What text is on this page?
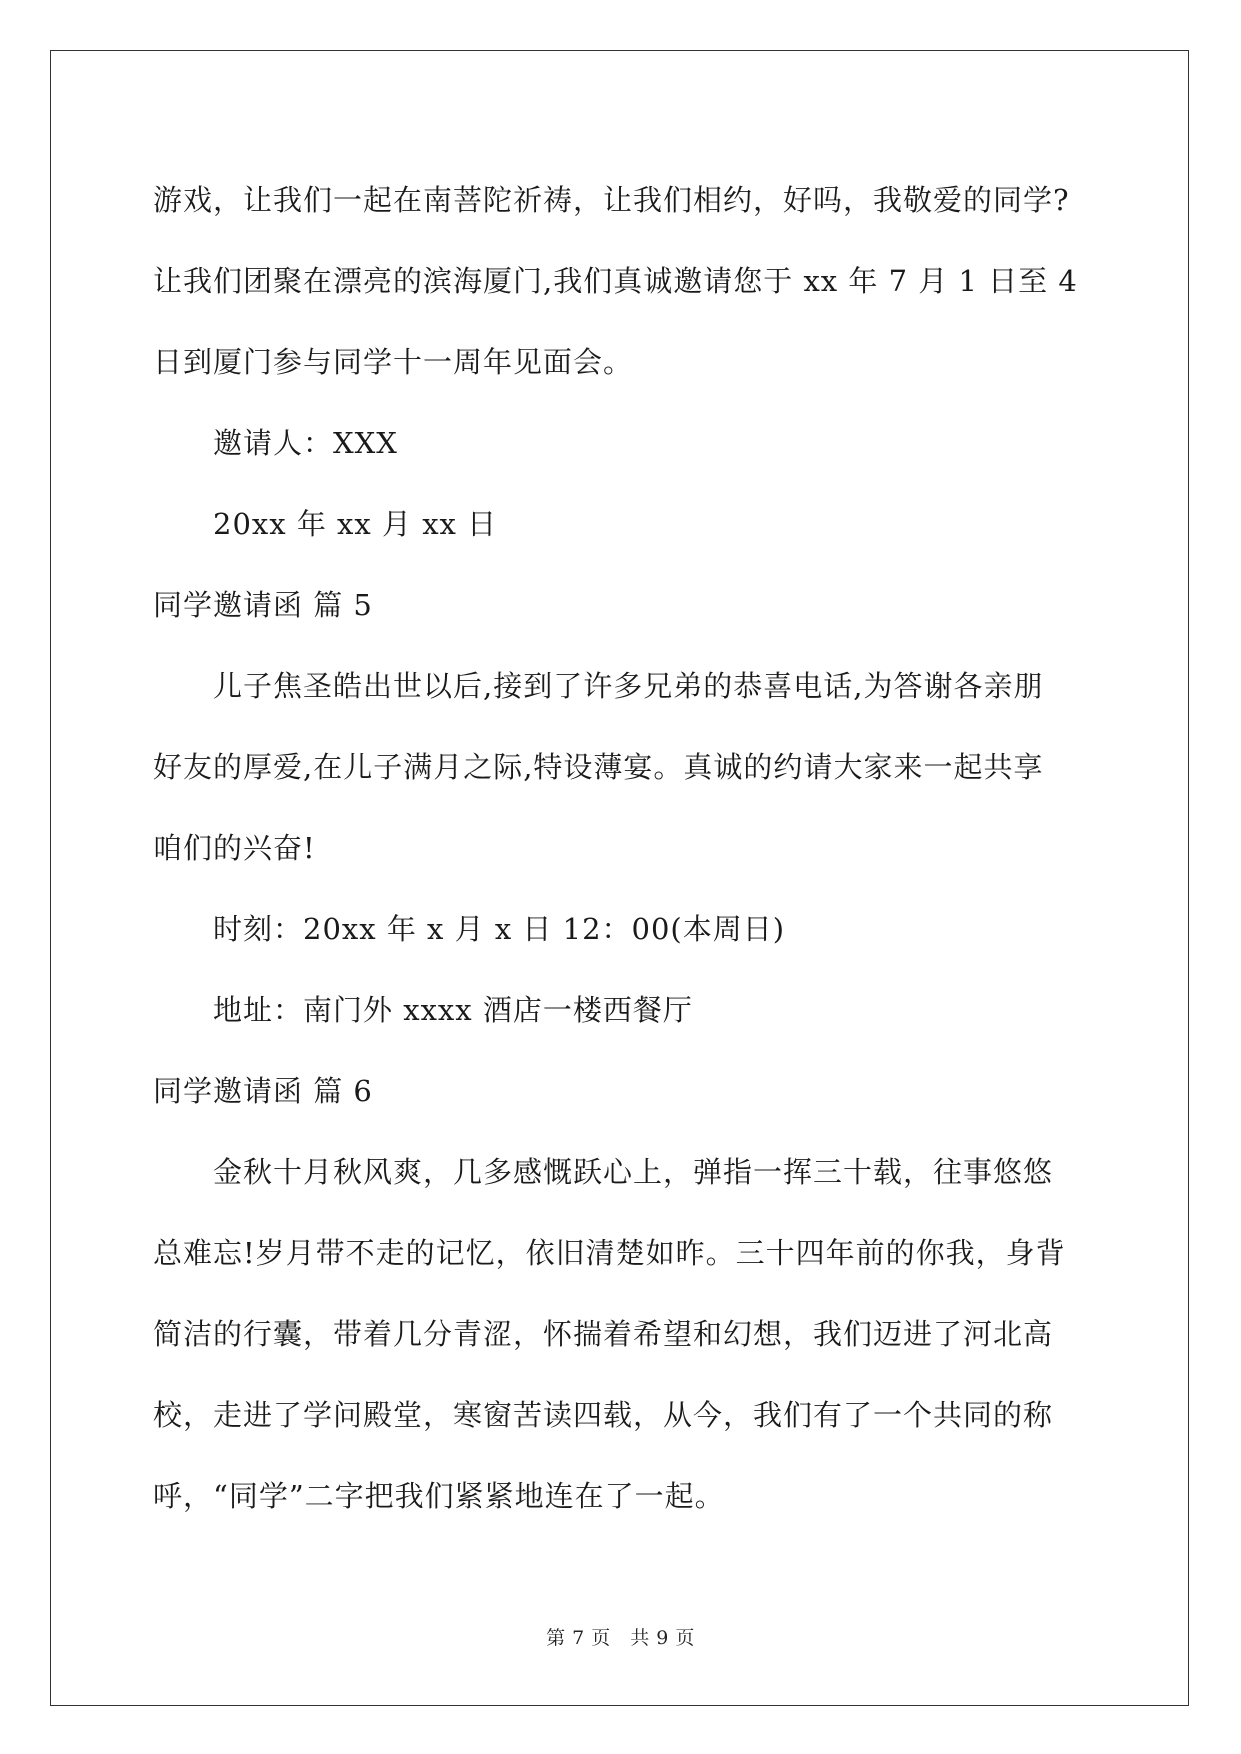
游戏，让我们一起在南菩陀祈祷，让我们相约，好吗，我敬爱的同学?
让我们团聚在漂亮的滨海厦门,我们真诚邀请您于 xx 年 7 月 1 日至 4
日到厦门参与同学十一周年见面会。
邀请人：XXX
20xx 年 xx 月 xx 日
同学邀请函 篇 5
儿子焦圣皓出世以后,接到了许多兄弟的恭喜电话,为答谢各亲朋
好友的厚爱,在儿子满月之际,特设薄宴。真诚的约请大家来一起共享
咱们的兴奋!
时刻：20xx 年 x 月 x 日 12：00(本周日)
地址：南门外 xxxx 酒店一楼西餐厅
同学邀请函 篇 6
金秋十月秋风爽，几多感慨跃心上，弹指一挥三十载，往事悠悠
总难忘!岁月带不走的记忆，依旧清楚如昨。三十四年前的你我，身背
简洁的行囊，带着几分青涩，怀揣着希望和幻想，我们迈进了河北高
校，走进了学问殿堂，寒窗苦读四载，从今，我们有了一个共同的称
呼，“同学”二字把我们紧紧地连在了一起。
第 7 页　共 9 页
